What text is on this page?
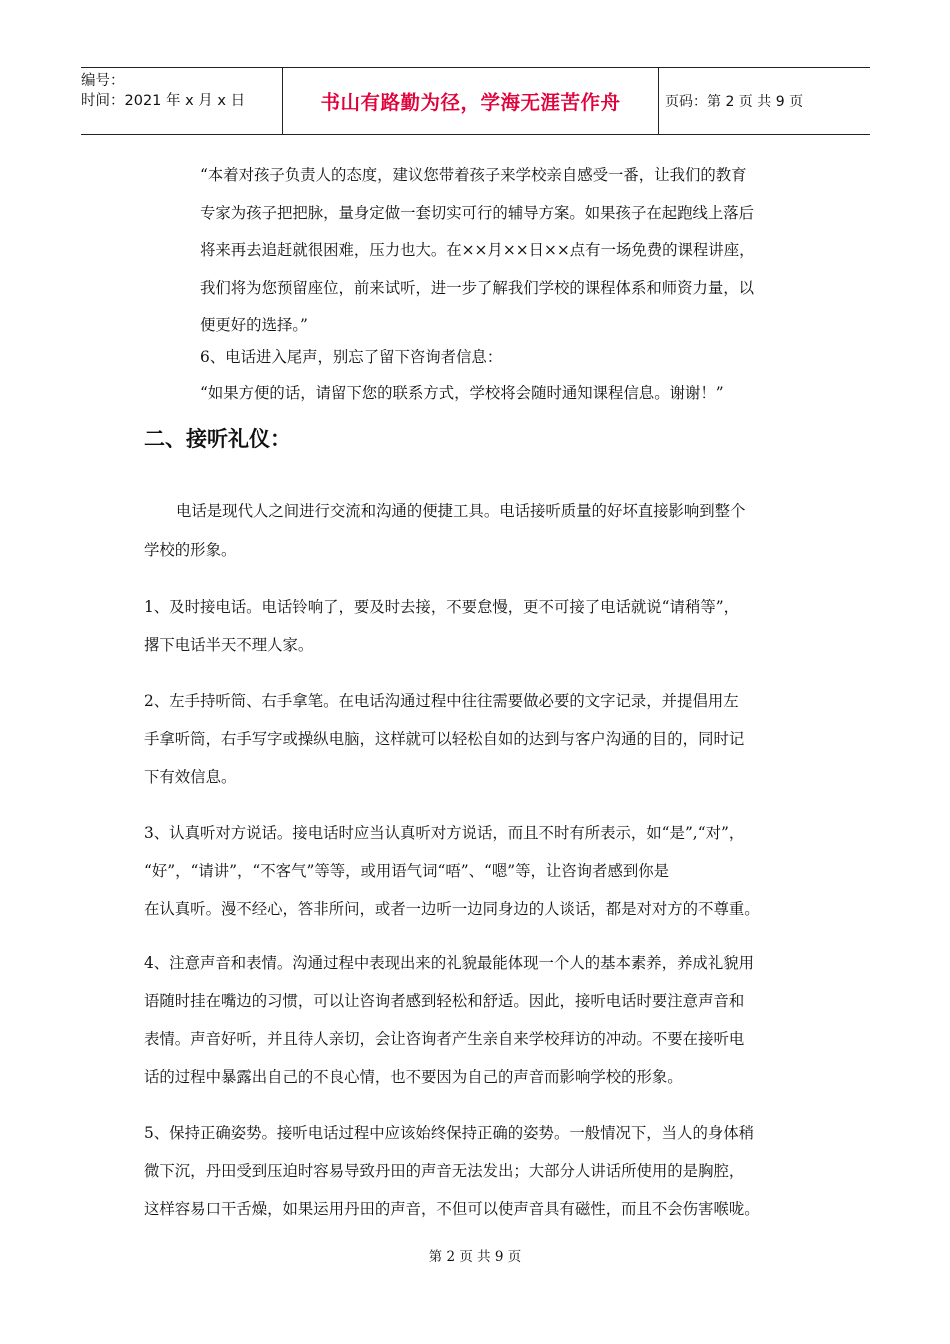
编号：
时间：2021 年 x 月 x 日	书山有路勤为径，学海无涯苦作舟	页码：第 2 页 共 9 页
“本着对孩子负责人的态度，建议您带着孩子来学校亲自感受一番，让我们的教育
专家为孩子把把脉，量身定做一套切实可行的辅导方案。如果孩子在起跑线上落后
将来再去追赶就很困难，压力也大。在××月××日××点有一场免费的课程讲座，
我们将为您预留座位，前来试听，进一步了解我们学校的课程体系和师资力量，以
便更好的选择。”
6、电话进入尾声，别忘了留下咨询者信息：
“如果方便的话，请留下您的联系方式，学校将会随时通知课程信息。谢谢！”
二、接听礼仪：
电话是现代人之间进行交流和沟通的便捷工具。电话接听质量的好坏直接影响到整个
学校的形象。
1、及时接电话。电话铃响了，要及时去接，不要怠慢，更不可接了电话就说“请稍等”，
撂下电话半天不理人家。
2、左手持听筒、右手拿笔。在电话沟通过程中往往需要做必要的文字记录，并提倡用左
手拿听筒，右手写字或操纵电脑，这样就可以轻松自如的达到与客户沟通的目的，同时记
下有效信息。
3、认真听对方说话。接电话时应当认真听对方说话，而且不时有所表示，如“是”,“对”，
“好”，“请讲”，“不客气”等等，或用语气词“唔”、“嗯”等，让咨询者感到你是
在认真听。漫不经心，答非所问，或者一边听一边同身边的人谈话，都是对对方的不尊重。
4、注意声音和表情。沟通过程中表现出来的礼貌最能体现一个人的基本素养，养成礼貌用
语随时挂在嘴边的习惯，可以让咨询者感到轻松和舒适。因此，接听电话时要注意声音和
表情。声音好听，并且待人亲切，会让咨询者产生亲自来学校拜访的冲动。不要在接听电
话的过程中暴露出自己的不良心情，也不要因为自己的声音而影响学校的形象。
5、保持正确姿势。接听电话过程中应该始终保持正确的姿势。一般情况下，当人的身体稍
微下沉，丹田受到压迫时容易导致丹田的声音无法发出；大部分人讲话所使用的是胸腔，
这样容易口干舌燥，如果运用丹田的声音，不但可以使声音具有磁性，而且不会伤害喉咙。
第 2 页 共 9 页
